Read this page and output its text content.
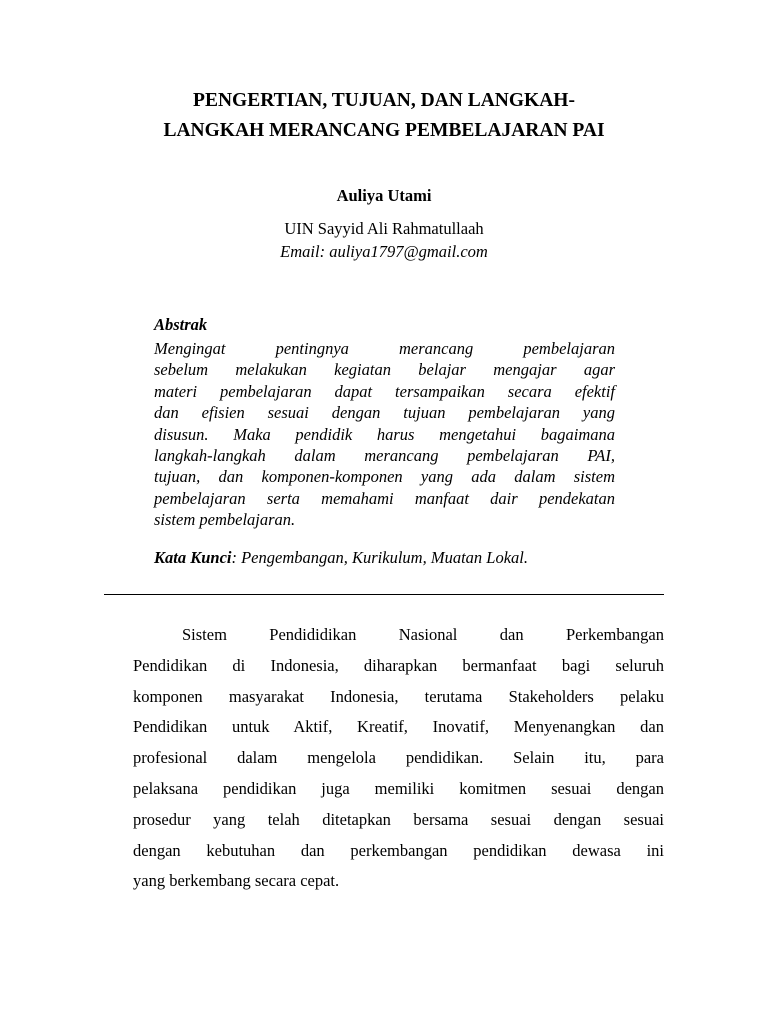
PENGERTIAN, TUJUAN, DAN LANGKAH-
LANGKAH MERANCANG PEMBELAJARAN PAI

Auliya Utami

UIN Sayyid Ali Rahmatullaah

Email: auliya1797@gmail.com

Abstrak

Mengingat pentingnya merancang pembelajaran
sebelum melakukan kegiatan belajar mengajar agar
materi pembelajaran dapat tersampaikan secara efektif
dan efisien sesuai dengan tujuan pembelajaran yang
disusun. Maka pendidik harus mengetahui bagaimana
langkah-langkah dalam merancang pembelajaran PAI,
tujuan, dan komponen-komponen yang ada dalam sistem
pembelajaran serta memahami manfaat dair pendekatan
sistem pembelajaran.

Kata Kunci: Pengembangan, Kurikulum, Muatan Lokal.

Sistem Pendididikan Nasional dan Perkembangan
Pendidikan di Indonesia, diharapkan bermanfaat bagi seluruh
komponen masyarakat Indonesia, terutama Stakeholders pelaku
Pendidikan untuk Aktif, Kreatif, Inovatif, Menyenangkan dan
profesional dalam mengelola pendidikan. Selain itu, para
pelaksana pendidikan juga memiliki komitmen sesuai dengan
prosedur yang telah ditetapkan bersama sesuai dengan sesuai
dengan kebutuhan dan perkembangan pendidikan dewasa ini
yang berkembang secara cepat.
